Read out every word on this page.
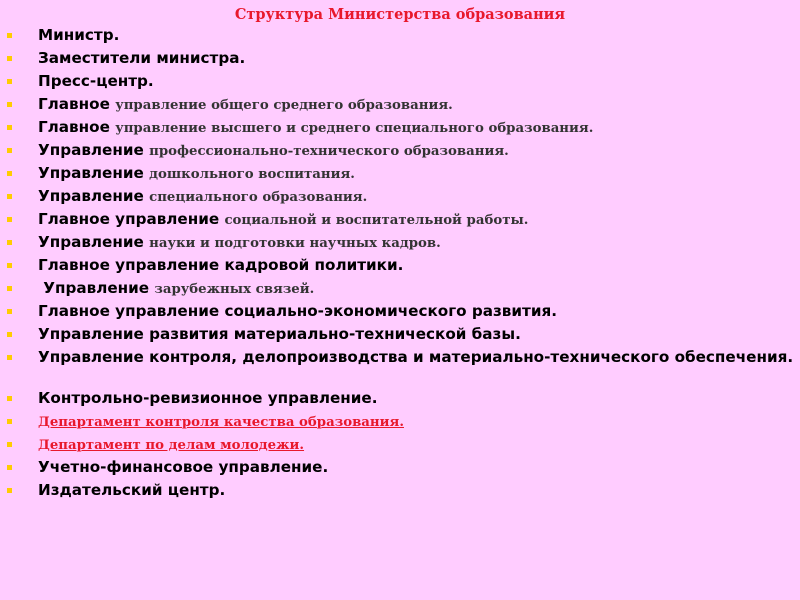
Структура Министерства образования
Министр.
Заместители министра.
Пресс-центр.
Главное управление общего среднего образования.
Главное управление высшего и среднего специального образования.
Управление профессионально-технического образования.
Управление дошкольного воспитания.
Управление специального образования.
Главное управление социальной и воспитательной работы.
Управление науки и подготовки научных кадров.
Главное управление кадровой политики.
Управление зарубежных связей.
Главное управление социально-экономического развития.
Управление развития материально-технической базы.
Управление контроля, делопроизводства и материально-технического обеспечения.
Контрольно-ревизионное управление.
Департамент контроля качества образования.
Департамент по делам молодежи.
Учетно-финансовое управление.
Издательский центр.
